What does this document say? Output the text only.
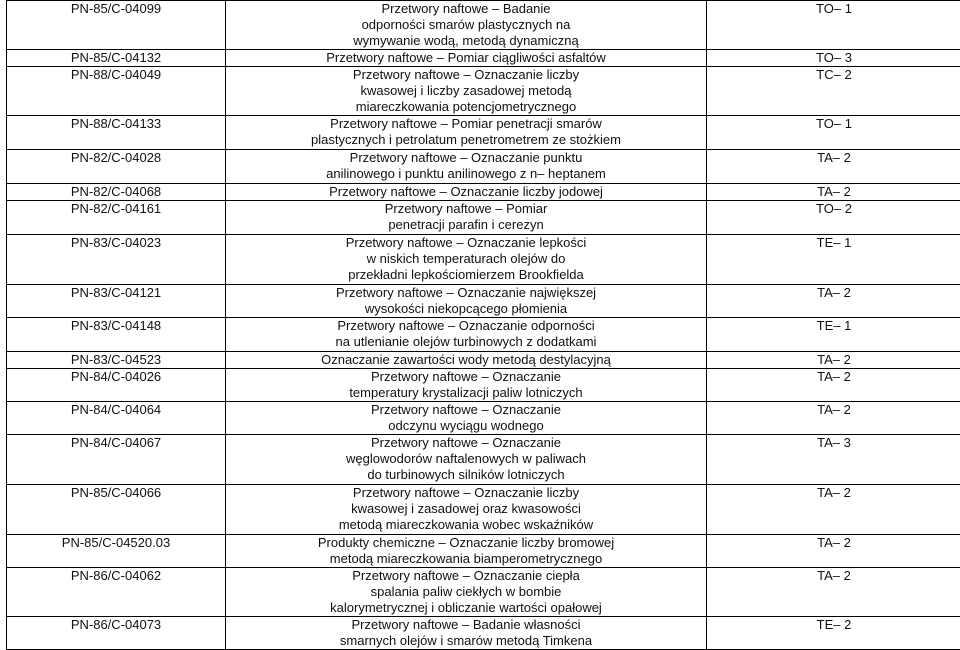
PN-85/C-04099	Przetwory naftowe – Badanie
odporności smarów plastycznych na
wymywanie wodą, metodą dynamiczną	TO– 1
PN-85/C-04132	Przetwory naftowe – Pomiar ciągliwości asfaltów	TO– 3
PN-88/C-04049	Przetwory naftowe – Oznaczanie liczby
kwasowej i liczby zasadowej metodą
miareczkowania potencjometrycznego	TC– 2
PN-88/C-04133	Przetwory naftowe – Pomiar penetracji smarów
plastycznych i petrolatum penetrometrem ze stożkiem	TO– 1
PN-82/C-04028	Przetwory naftowe – Oznaczanie punktu
anilinowego i punktu anilinowego z n– heptanem	TA– 2
PN-82/C-04068	Przetwory naftowe – Oznaczanie liczby jodowej	TA– 2
PN-82/C-04161	Przetwory naftowe – Pomiar
penetracji parafin i cerezyn	TO– 2
PN-83/C-04023	Przetwory naftowe – Oznaczanie lepkości
w niskich temperaturach olejów do
przekładni lepkościomierzem Brookfielda	TE– 1
PN-83/C-04121	Przetwory naftowe – Oznaczanie największej
wysokości niekopcącego płomienia	TA– 2
PN-83/C-04148	Przetwory naftowe – Oznaczanie odporności
na utlenianie olejów turbinowych z dodatkami	TE– 1
PN-83/C-04523	Oznaczanie zawartości wody metodą destylacyjną	TA– 2
PN-84/C-04026	Przetwory naftowe – Oznaczanie
temperatury krystalizacji paliw lotniczych	TA– 2
PN-84/C-04064	Przetwory naftowe – Oznaczanie
odczynu wyciągu wodnego	TA– 2
PN-84/C-04067	Przetwory naftowe – Oznaczanie
węglowodorów naftalenowych w paliwach
do turbinowych silników lotniczych	TA– 3
PN-85/C-04066	Przetwory naftowe – Oznaczanie liczby
kwasowej i zasadowej oraz kwasowości
metodą miareczkowania wobec wskaźników	TA– 2
PN-85/C-04520.03	Produkty chemiczne – Oznaczanie liczby bromowej
metodą miareczkowania biamperometrycznego	TA– 2
PN-86/C-04062	Przetwory naftowe – Oznaczanie ciepła
spalania paliw ciekłych w bombie
kalorymetrycznej i obliczanie wartości opałowej	TA– 2
PN-86/C-04073	Przetwory naftowe – Badanie własności
smarnych olejów i smarów metodą Timkena	TE– 2
